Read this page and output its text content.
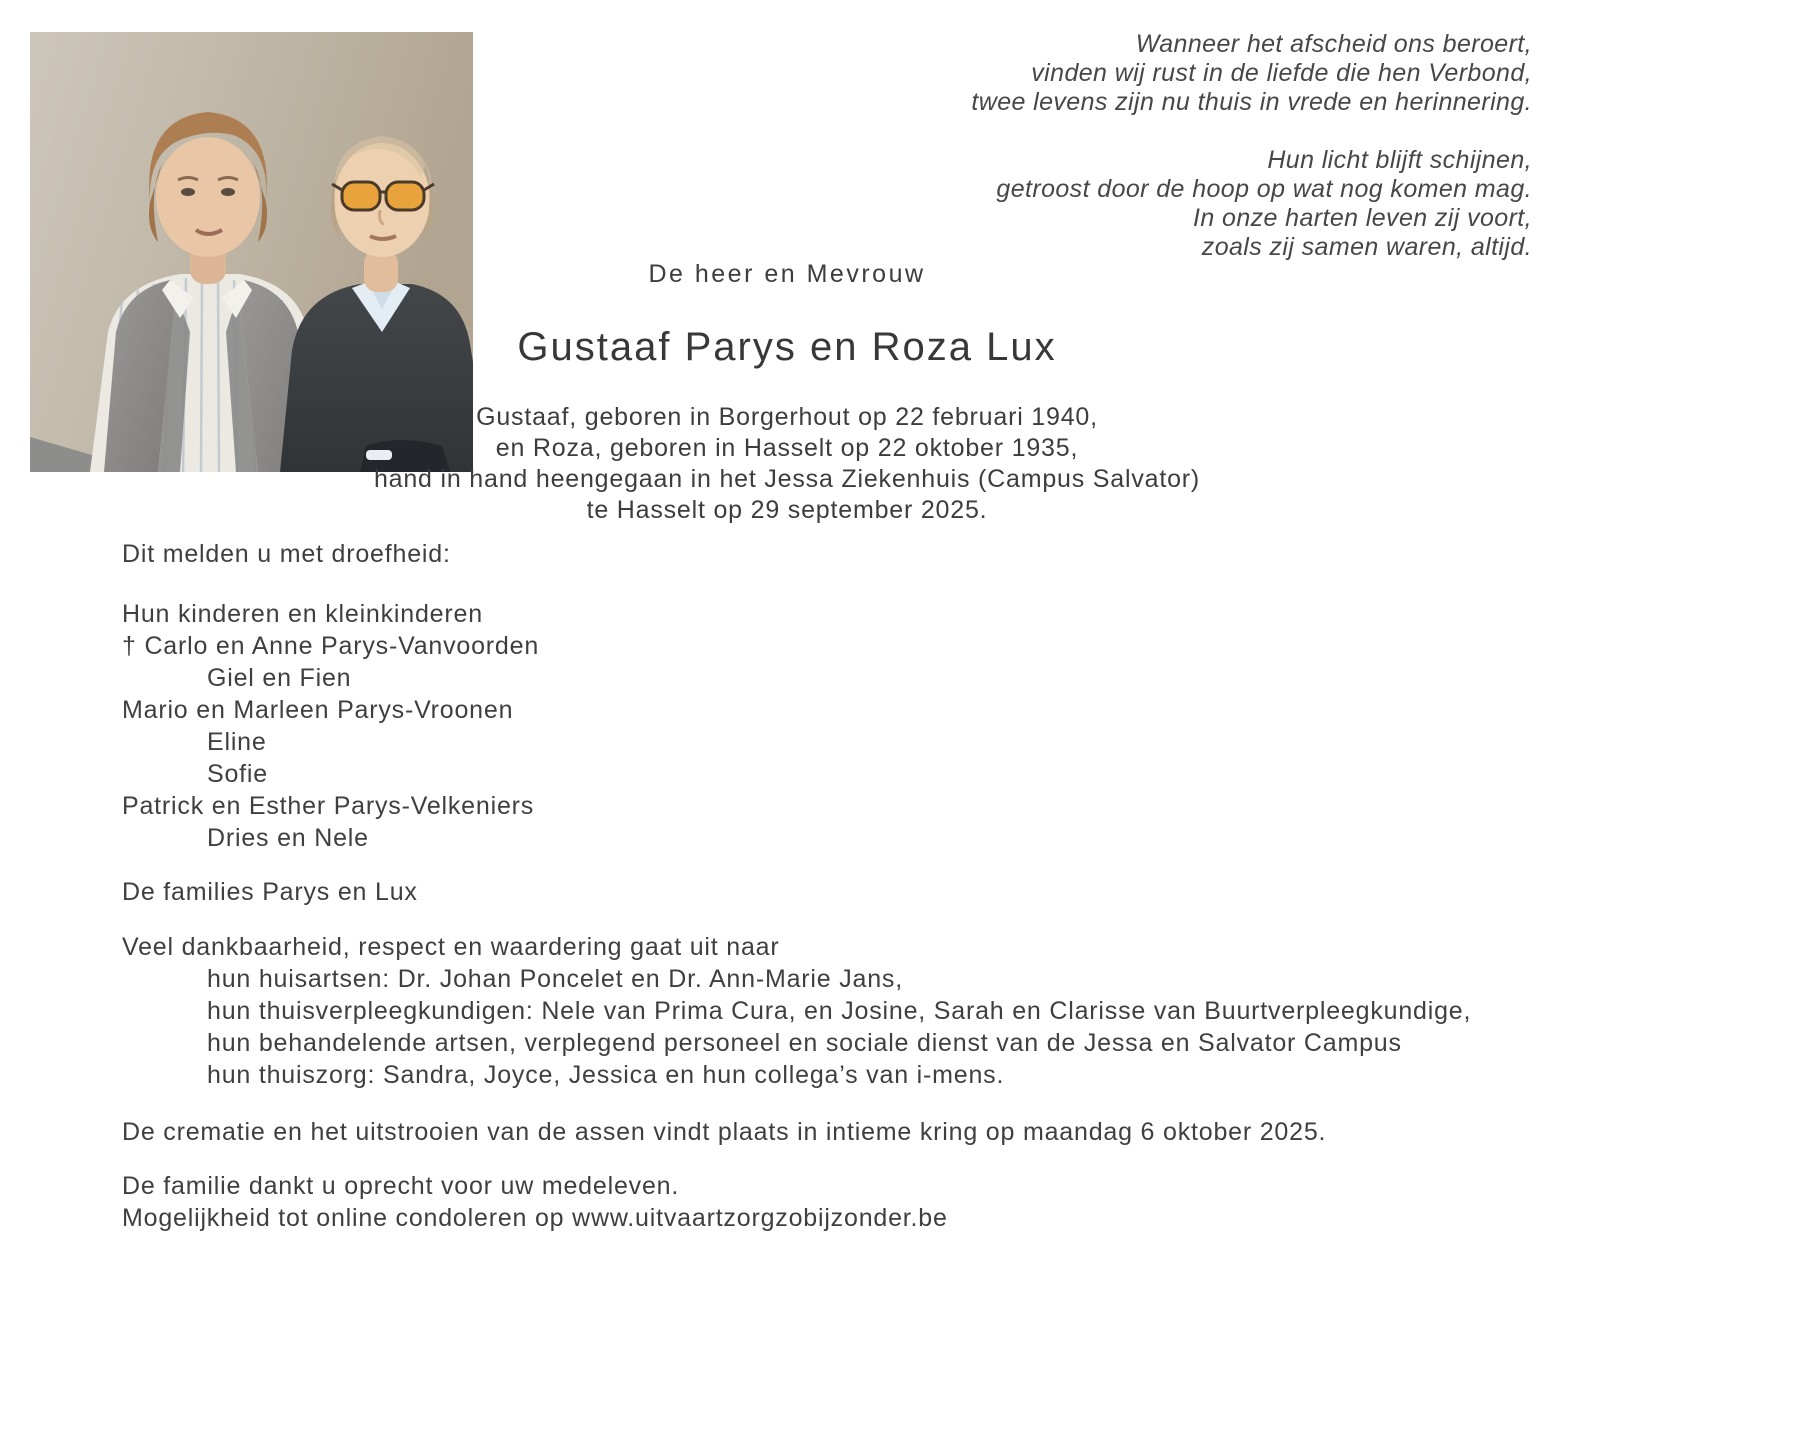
Wanneer het afscheid ons beroert,
vinden wij rust in de liefde die hen Verbond,
twee levens zijn nu thuis in vrede en herinnering.
Hun licht blijft schijnen,
getroost door de hoop op wat nog komen mag.
In onze harten leven zij voort,
zoals zij samen waren, altijd.
De heer en Mevrouw
Gustaaf Parys en Roza Lux
Gustaaf, geboren in Borgerhout op 22 februari 1940,
en Roza, geboren in Hasselt op 22 oktober 1935,
hand in hand heengegaan in het Jessa Ziekenhuis (Campus Salvator)
te Hasselt op 29 september 2025.
Dit melden u met droefheid:
Hun kinderen en kleinkinderen
† Carlo en Anne Parys-Vanvoorden
Giel en Fien
Mario en Marleen Parys-Vroonen
Eline
Sofie
Patrick en Esther Parys-Velkeniers
Dries en Nele
De families Parys en Lux
Veel dankbaarheid, respect en waardering gaat uit naar
hun huisartsen: Dr. Johan Poncelet en Dr. Ann-Marie Jans,
hun thuisverpleegkundigen: Nele van Prima Cura, en Josine, Sarah en Clarisse van Buurtverpleegkundige,
hun behandelende artsen, verplegend personeel en sociale dienst van de Jessa en Salvator Campus
hun thuiszorg: Sandra, Joyce, Jessica en hun collega’s van i-mens.
De crematie en het uitstrooien van de assen vindt plaats in intieme kring op maandag 6 oktober 2025.
De familie dankt u oprecht voor uw medeleven.
Mogelijkheid tot online condoleren op www.uitvaartzorgzobijzonder.be
